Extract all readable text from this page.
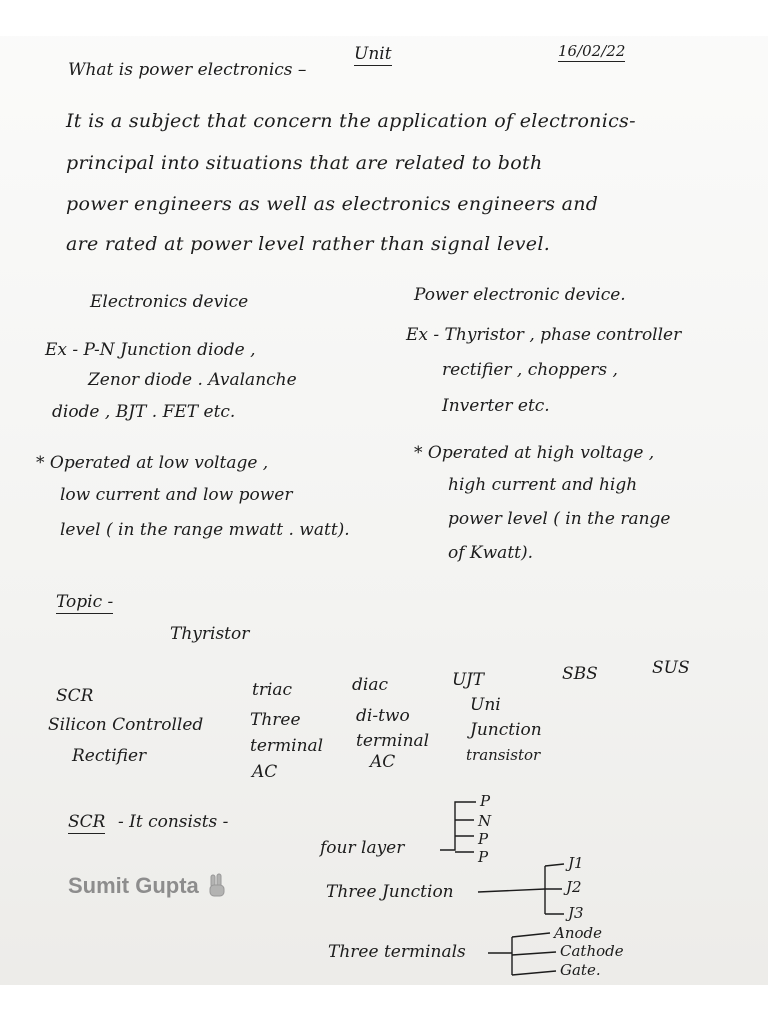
What is power electronics –
Unit	16/02/22
It is a subject that concern the application of electronics-
principal into situations that are related to both
power engineers as well as electronics engineers and
are rated at power level rather than signal level.
Electronics device
Ex - P-N Junction diode ,
Zenor diode . Avalanche
diode , BJT . FET etc.
* Operated at low voltage ,
low current and low power
level ( in the range mwatt . watt).
Power electronic device.
Ex - Thyristor , phase controller
rectifier , choppers ,
Inverter etc.
* Operated at high voltage ,
high current and high
power level ( in the range
of Kwatt).
Topic -
Thyristor
SCR
Silicon Controlled
Rectifier
triac
Three
terminal
AC
diac
di-two
terminal
AC
UJT
Uni
Junction
transistor
SBS	SUS
SCR - It consists -
four layer
P
N
P
P
Three Junction
J1
J2
J3
Three terminals
Anode
Cathode
Gate.
Sumit Gupta
